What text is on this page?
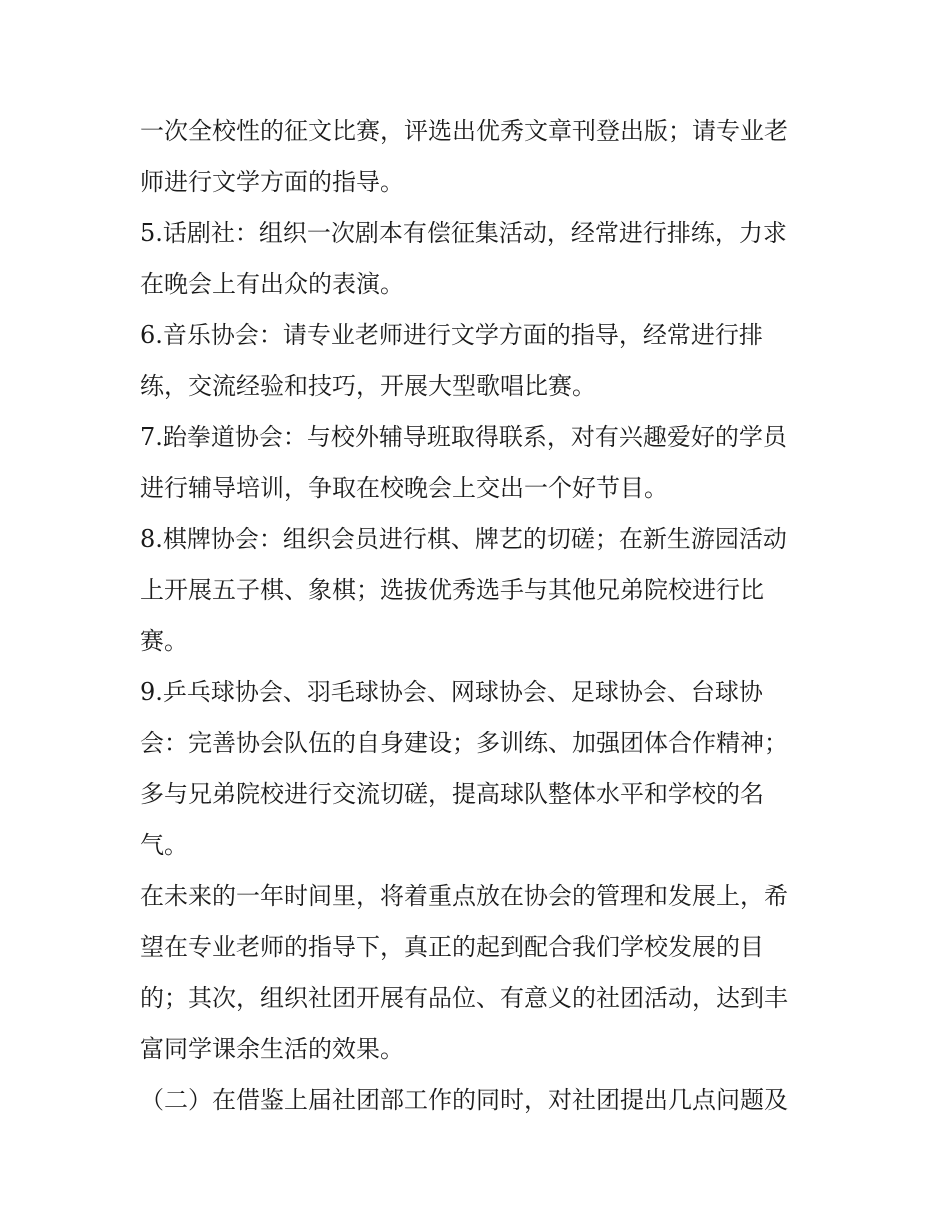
一次全校性的征文比赛，评选出优秀文章刊登出版；请专业老
师进行文学方面的指导。

5.话剧社：组织一次剧本有偿征集活动，经常进行排练，力求
在晚会上有出众的表演。

6.音乐协会：请专业老师进行文学方面的指导，经常进行排
练，交流经验和技巧，开展大型歌唱比赛。

7.跆拳道协会：与校外辅导班取得联系，对有兴趣爱好的学员
进行辅导培训，争取在校晚会上交出一个好节目。

8.棋牌协会：组织会员进行棋、牌艺的切磋；在新生游园活动
上开展五子棋、象棋；选拔优秀选手与其他兄弟院校进行比
赛。

9.乒乓球协会、羽毛球协会、网球协会、足球协会、台球协
会：完善协会队伍的自身建设；多训练、加强团体合作精神；
多与兄弟院校进行交流切磋，提高球队整体水平和学校的名
气。

在未来的一年时间里，将着重点放在协会的管理和发展上，希
望在专业老师的指导下，真正的起到配合我们学校发展的目
的；其次，组织社团开展有品位、有意义的社团活动，达到丰
富同学课余生活的效果。

（二）在借鉴上届社团部工作的同时，对社团提出几点问题及
